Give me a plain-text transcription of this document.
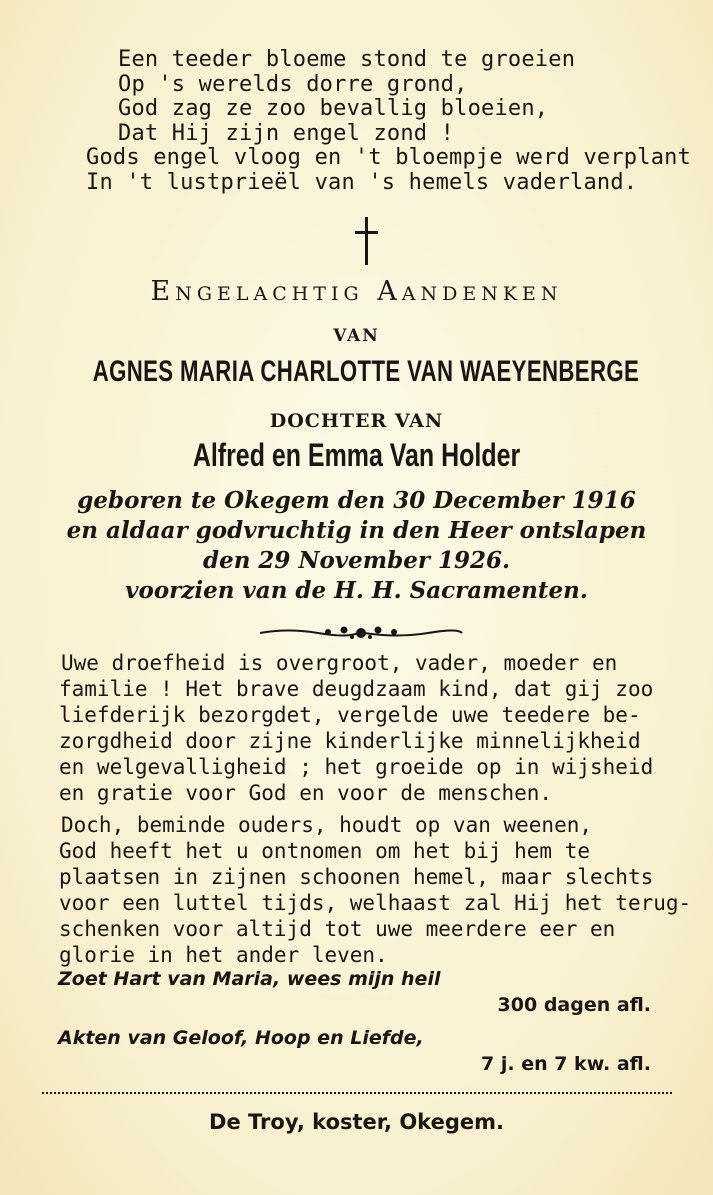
Een teeder bloeme stond te groeien
Op 's werelds dorre grond,
God zag ze zoo bevallig bloeien,
Dat Hij zijn engel zond !
Gods engel vloog en 't bloempje werd verplant
In 't lustprieël van 's hemels vaderland.
Engelachtig Aandenken
VAN
AGNES MARIA CHARLOTTE VAN WAEYENBERGE
DOCHTER VAN
Alfred en Emma Van Holder
geboren te Okegem den 30 December 1916
en aldaar godvruchtig in den Heer ontslapen
den 29 November 1926.
voorzien van de H. H. Sacramenten.
Uwe droefheid is overgroot, vader, moeder en
familie ! Het brave deugdzaam kind, dat gij zoo
liefderijk bezorgdet, vergelde uwe teedere be-
zorgdheid door zijne kinderlijke minnelijkheid
en welgevalligheid ; het groeide op in wijsheid
en gratie voor God en voor de menschen.
Doch, beminde ouders, houdt op van weenen,
God heeft het u ontnomen om het bij hem te
plaatsen in zijnen schoonen hemel, maar slechts
voor een luttel tijds, welhaast zal Hij het terug-
schenken voor altijd tot uwe meerdere eer en
glorie in het ander leven.
Zoet Hart van Maria, wees mijn heil
300 dagen afl.
Akten van Geloof, Hoop en Liefde,
7 j. en 7 kw. afl.
De Troy, koster, Okegem.
